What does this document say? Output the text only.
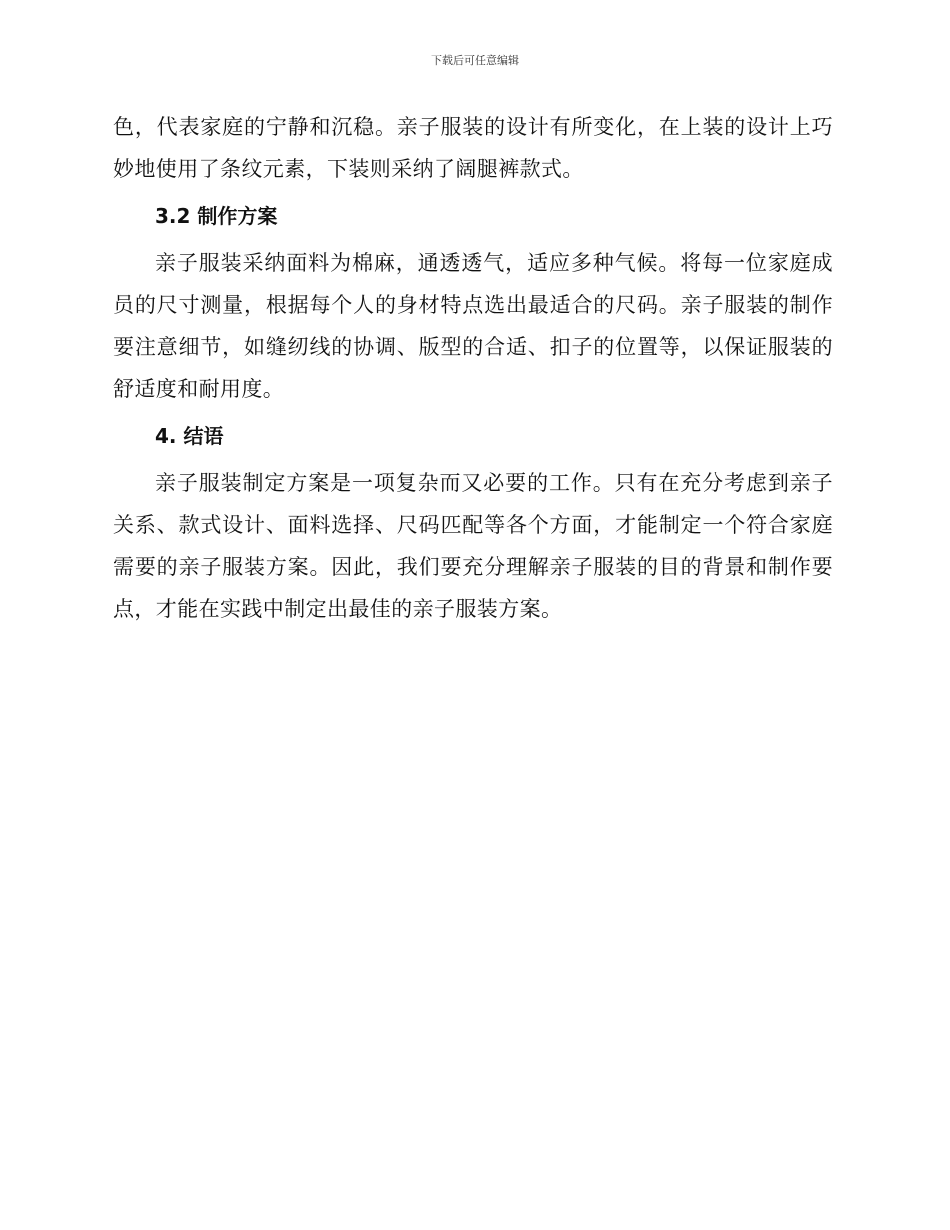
下载后可任意编辑

色，代表家庭的宁静和沉稳。亲子服装的设计有所变化，在上装的设计上巧妙地使用了条纹元素，下装则采纳了阔腿裤款式。

3.2 制作方案

亲子服装采纳面料为棉麻，通透透气，适应多种气候。将每一位家庭成员的尺寸测量，根据每个人的身材特点选出最适合的尺码。亲子服装的制作要注意细节，如缝纫线的协调、版型的合适、扣子的位置等，以保证服装的舒适度和耐用度。

4. 结语

亲子服装制定方案是一项复杂而又必要的工作。只有在充分考虑到亲子关系、款式设计、面料选择、尺码匹配等各个方面，才能制定一个符合家庭需要的亲子服装方案。因此，我们要充分理解亲子服装的目的背景和制作要点，才能在实践中制定出最佳的亲子服装方案。
